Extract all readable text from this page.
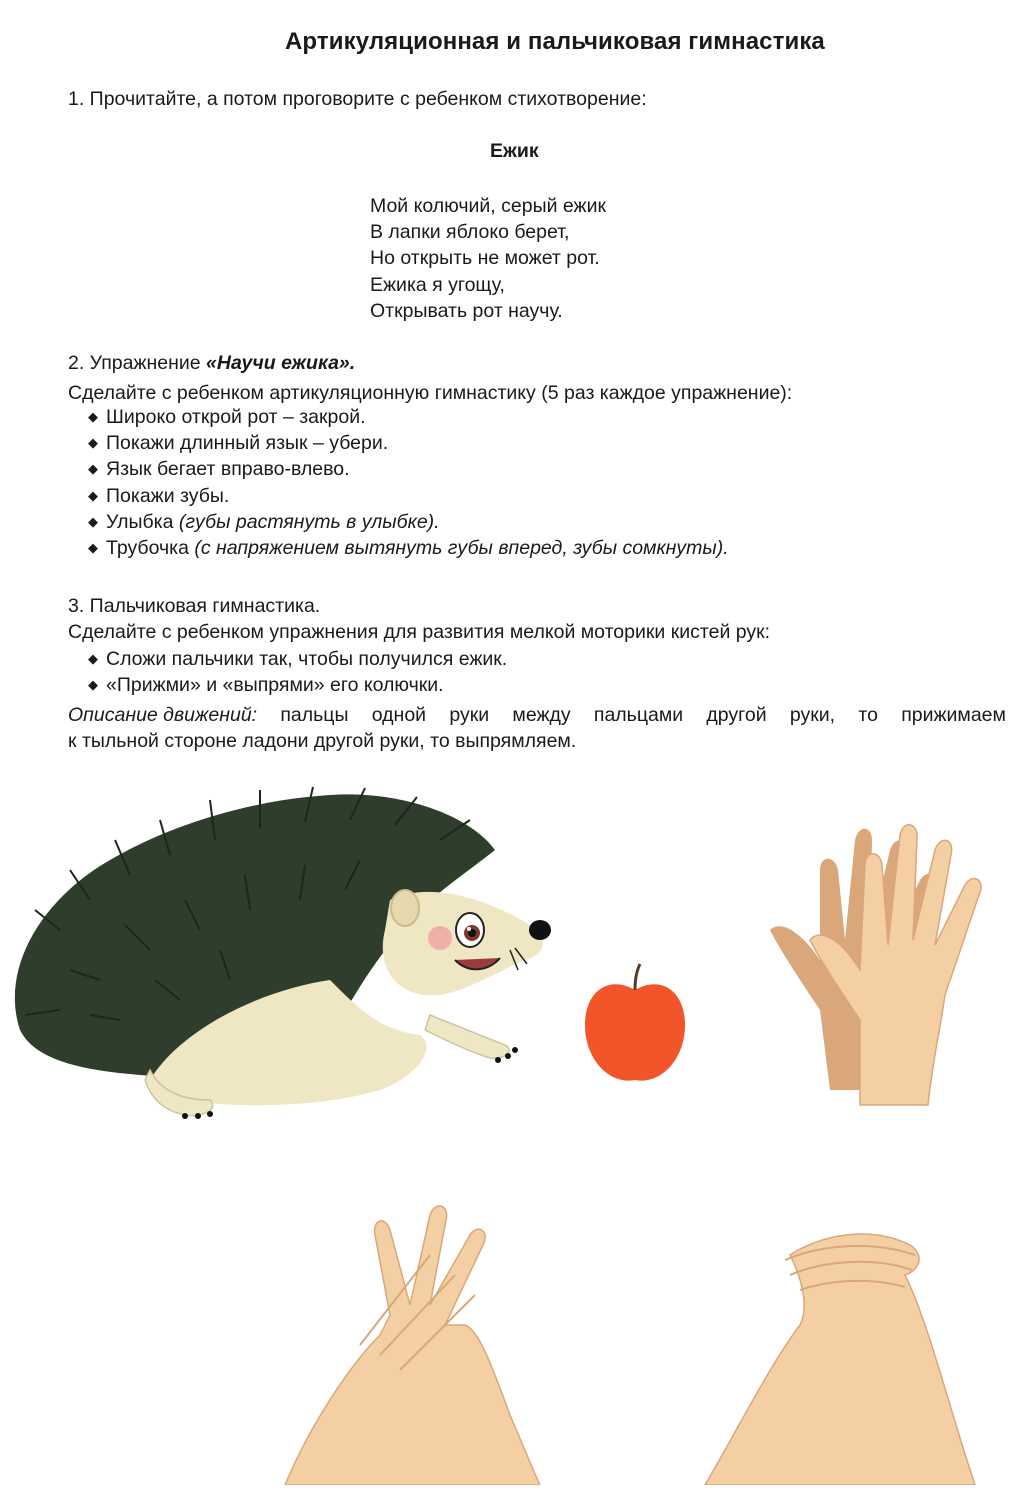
Артикуляционная и пальчиковая гимнастика
1. Прочитайте, а потом проговорите с ребенком стихотворение:
Ежик
Мой колючий, серый ежик
В лапки яблоко берет,
Но открыть не может рот.
Ежика я угощу,
Открывать рот научу.
2. Упражнение «Научи ежика».
Сделайте с ребенком артикуляционную гимнастику (5 раз каждое упражнение):
◆ Широко открой рот – закрой.
◆ Покажи длинный язык – убери.
◆ Язык бегает вправо-влево.
◆ Покажи зубы.
◆ Улыбка (губы растянуть в улыбке).
◆ Трубочка (с напряжением вытянуть губы вперед, зубы сомкнуты).
3. Пальчиковая гимнастика.
Сделайте с ребенком упражнения для развития мелкой моторики кистей рук:
◆ Сложи пальчики так, чтобы получился ежик.
◆ «Прижми» и «выпрями» его колючки.
Описание движений: пальцы одной руки между пальцами другой руки, то прижимаем
к тыльной стороне ладони другой руки, то выпрямляем.
